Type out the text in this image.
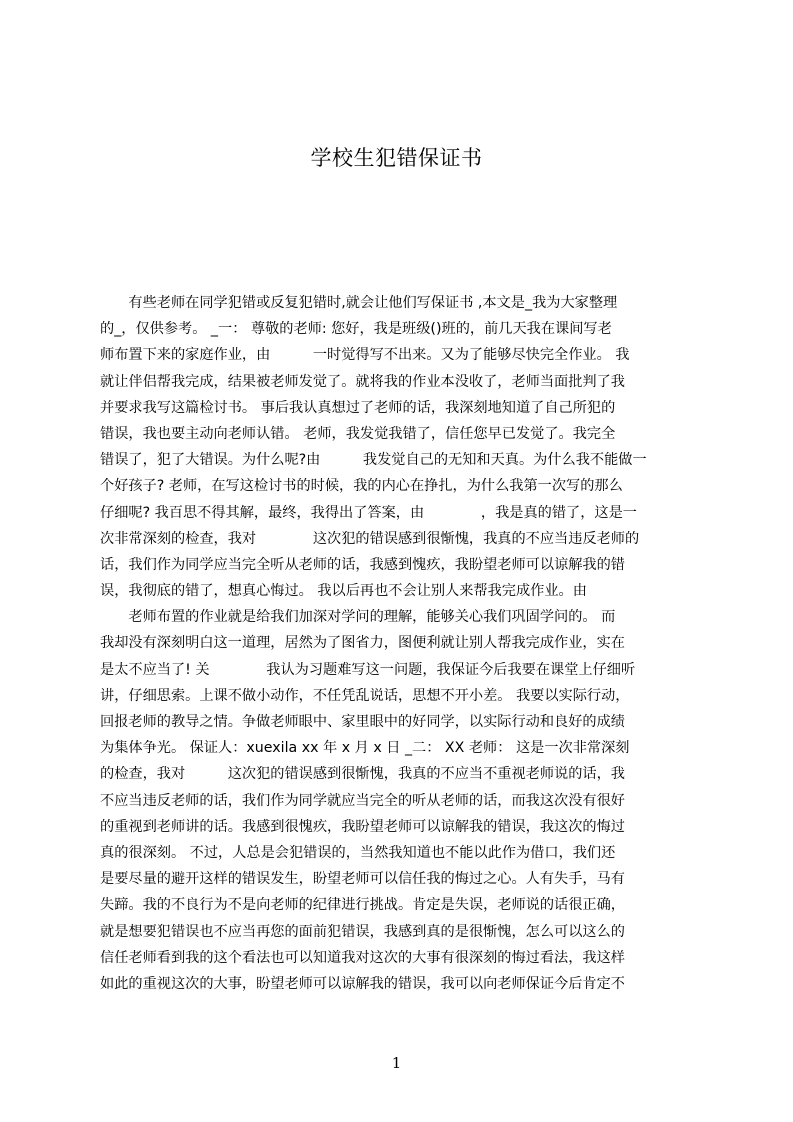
学校生犯错保证书
　　有些老师在同学犯错或反复犯错时,就会让他们写保证书 ,本文是_我为大家整理
的_，仅供参考。 _一： 尊敬的老师: 您好，我是班级()班的，前几天我在课间写老
师布置下来的家庭作业，由　　　一时觉得写不出来。又为了能够尽快完全作业。 我
就让伴侣帮我完成，结果被老师发觉了。就将我的作业本没收了，老师当面批判了我
并要求我写这篇检讨书。 事后我认真想过了老师的话，我深刻地知道了自己所犯的
错误，我也要主动向老师认错。 老师，我发觉我错了，信任您早已发觉了。我完全
错误了，犯了大错误。为什么呢?由　　　我发觉自己的无知和天真。为什么我不能做一
个好孩子? 老师，在写这检讨书的时候，我的内心在挣扎，为什么我第一次写的那么
仔细呢? 我百思不得其解，最终，我得出了答案，由　　　　，我是真的错了，这是一
次非常深刻的检查，我对　　　　这次犯的错误感到很惭愧，我真的不应当违反老师的
话，我们作为同学应当完全听从老师的话，我感到愧疚，我盼望老师可以谅解我的错
误，我彻底的错了，想真心悔过。 我以后再也不会让别人来帮我完成作业。由
　　老师布置的作业就是给我们加深对学问的理解，能够关心我们巩固学问的。 而
我却没有深刻明白这一道理，居然为了图省力，图便利就让别人帮我完成作业，实在
是太不应当了! 关　　　　我认为习题难写这一问题，我保证今后我要在课堂上仔细听
讲，仔细思索。上课不做小动作，不任凭乱说话，思想不开小差。 我要以实际行动，
回报老师的教导之情。争做老师眼中、家里眼中的好同学，以实际行动和良好的成绩
为集体争光。 保证人：xuexila xx 年 x 月 x 日 _二： XX 老师： 这是一次非常深刻
的检查，我对　　　这次犯的错误感到很惭愧，我真的不应当不重视老师说的话，我
不应当违反老师的话，我们作为同学就应当完全的听从老师的话，而我这次没有很好
的重视到老师讲的话。我感到很愧疚，我盼望老师可以谅解我的错误，我这次的悔过
真的很深刻。 不过，人总是会犯错误的，当然我知道也不能以此作为借口，我们还
是要尽量的避开这样的错误发生，盼望老师可以信任我的悔过之心。人有失手，马有
失蹄。我的不良行为不是向老师的纪律进行挑战。肯定是失误，老师说的话很正确，
就是想要犯错误也不应当再您的面前犯错误，我感到真的是很惭愧，怎么可以这么的
信任老师看到我的这个看法也可以知道我对这次的大事有很深刻的悔过看法，我这样
如此的重视这次的大事，盼望老师可以谅解我的错误，我可以向老师保证今后肯定不
1
